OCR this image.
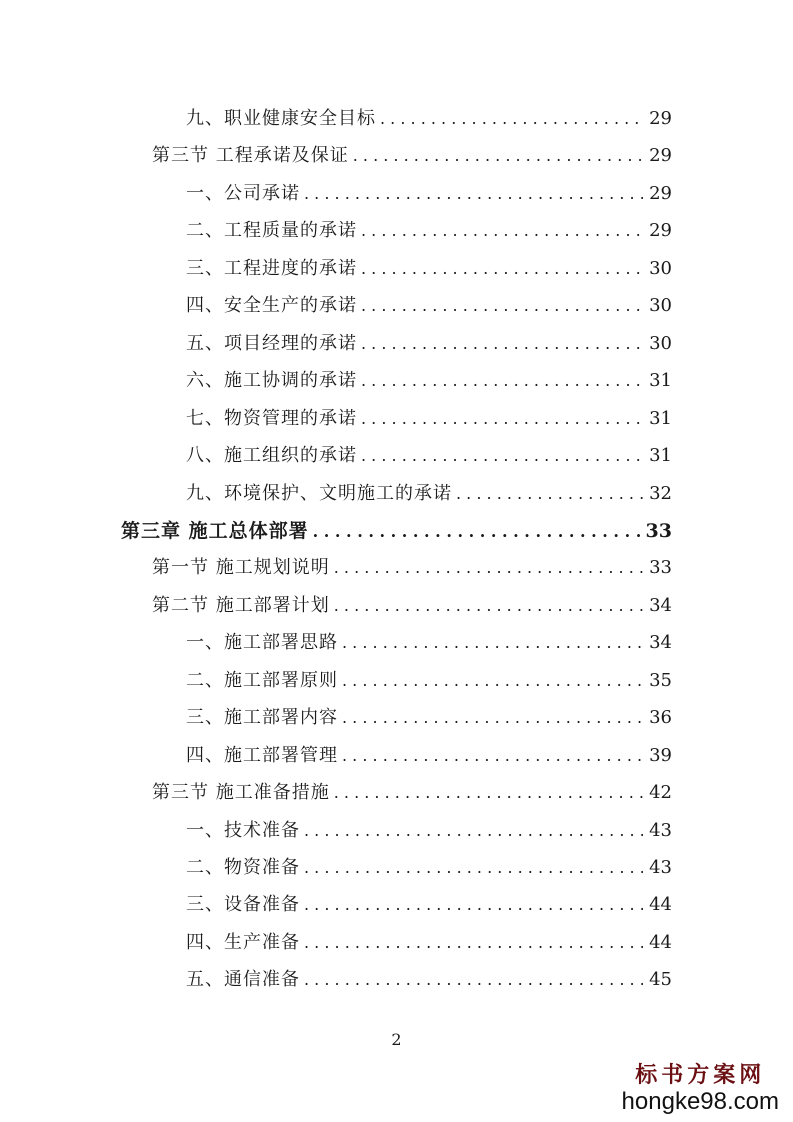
九、职业健康安全目标 . . .	29
第三节 工程承诺及保证 . . .	29
一、公司承诺 . . .	29
二、工程质量的承诺 . . .	29
三、工程进度的承诺 . . .	30
四、安全生产的承诺 . . .	30
五、项目经理的承诺 . . .	30
六、施工协调的承诺 . . .	31
七、物资管理的承诺 . . .	31
八、施工组织的承诺 . . .	31
九、环境保护、文明施工的承诺 . . .	32
第三章 施工总体部署 . . .	33
第一节 施工规划说明 . . .	33
第二节 施工部署计划 . . .	34
一、施工部署思路 . . .	34
二、施工部署原则 . . .	35
三、施工部署内容 . . .	36
四、施工部署管理 . . .	39
第三节 施工准备措施 . . .	42
一、技术准备 . . .	43
二、物资准备 . . .	43
三、设备准备 . . .	44
四、生产准备 . . .	44
五、通信准备 . . .	45
2
标书方案网
hongke98.com
